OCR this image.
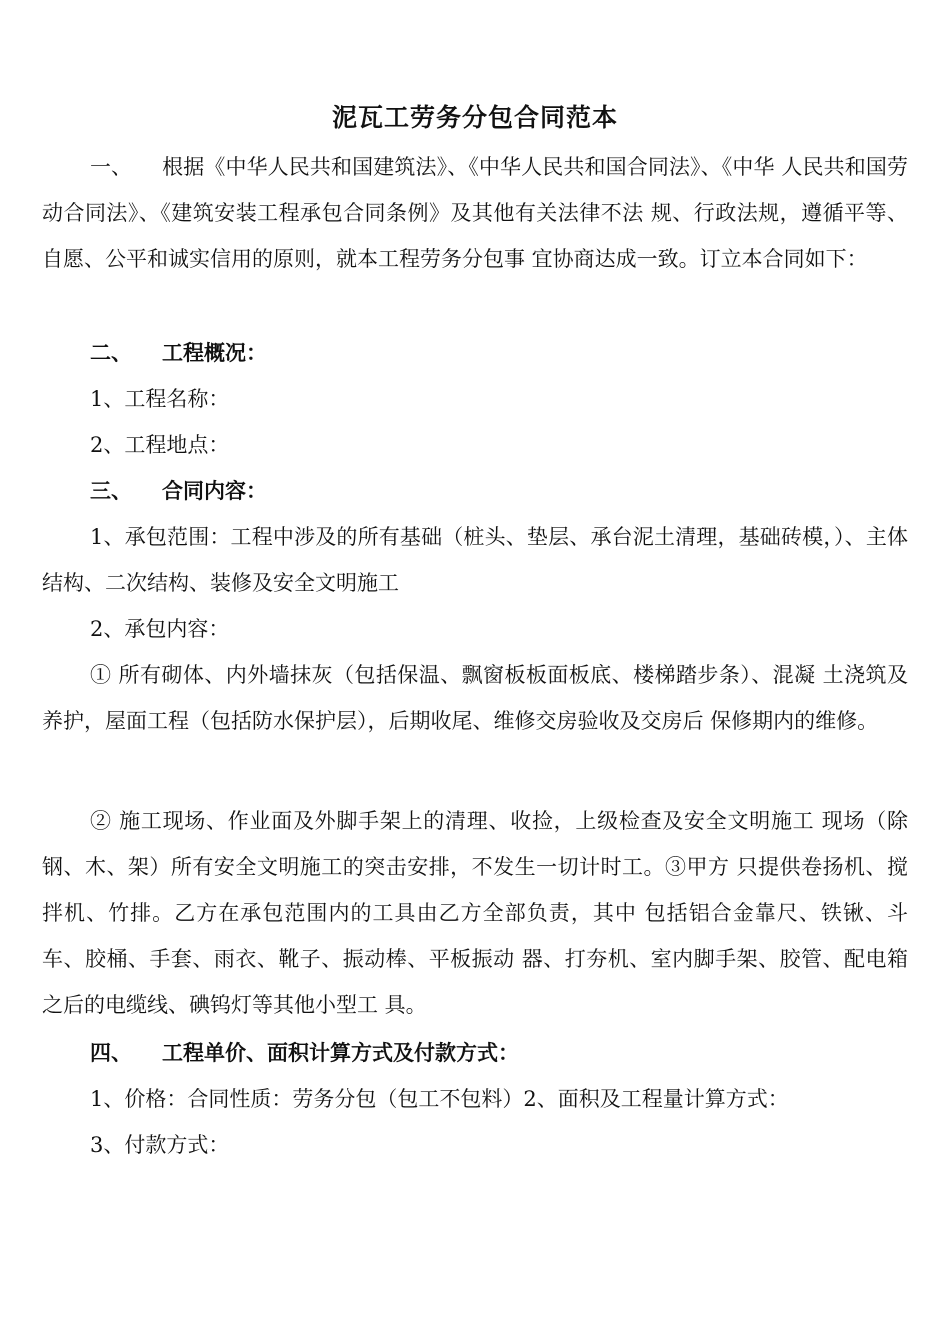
泥瓦工劳务分包合同范本

一、 根据《中华人民共和国建筑法》、《中华人民共和国合同法》、《中华 人民共和国劳动合同法》、《建筑安装工程承包合同条例》及其他有关法律不法 规、行政法规，遵循平等、自愿、公平和诚实信用的原则，就本工程劳务分包事 宜协商达成一致。订立本合同如下：

二、 工程概况：

1、工程名称：

2、工程地点：

三、 合同内容：

1、承包范围：工程中涉及的所有基础（桩头、垫层、承台泥土清理，基础砖模，）、主体结构、二次结构、装修及安全文明施工

2、承包内容：

① 所有砌体、内外墙抹灰（包括保温、飘窗板板面板底、楼梯踏步条）、混凝 土浇筑及养护，屋面工程（包括防水保护层），后期收尾、维修交房验收及交房后 保修期内的维修。

② 施工现场、作业面及外脚手架上的清理、收捡，上级检查及安全文明施工 现场（除钢、木、架）所有安全文明施工的突击安排，不发生一切计时工。③甲方 只提供卷扬机、搅拌机、竹排。乙方在承包范围内的工具由乙方全部负责，其中 包括铝合金靠尺、铁锹、斗车、胶桶、手套、雨衣、靴子、振动棒、平板振动 器、打夯机、室内脚手架、胶管、配电箱之后的电缆线、碘钨灯等其他小型工 具。

四、 工程单价、面积计算方式及付款方式：

1、价格：合同性质：劳务分包（包工不包料）2、面积及工程量计算方式：

3、付款方式：
